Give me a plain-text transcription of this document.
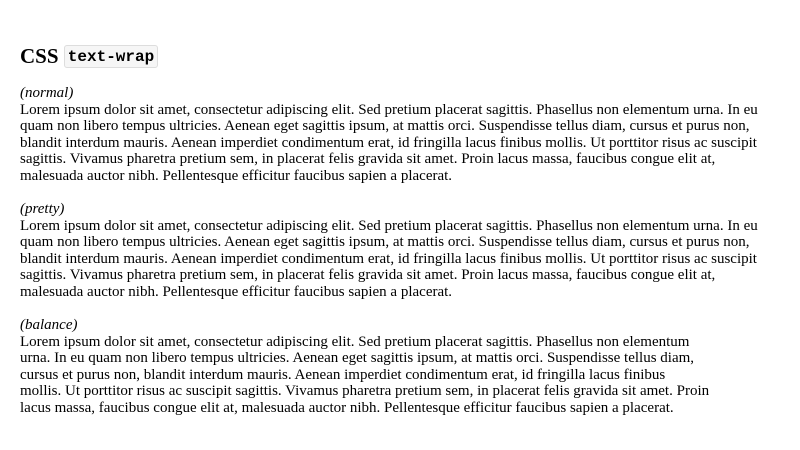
CSS text-wrap
(normal)
Lorem ipsum dolor sit amet, consectetur adipiscing elit. Sed pretium placerat sagittis. Phasellus non elementum urna. In eu
quam non libero tempus ultricies. Aenean eget sagittis ipsum, at mattis orci. Suspendisse tellus diam, cursus et purus non,
blandit interdum mauris. Aenean imperdiet condimentum erat, id fringilla lacus finibus mollis. Ut porttitor risus ac suscipit
sagittis. Vivamus pharetra pretium sem, in placerat felis gravida sit amet. Proin lacus massa, faucibus congue elit at,
malesuada auctor nibh. Pellentesque efficitur faucibus sapien a placerat.
(pretty)
Lorem ipsum dolor sit amet, consectetur adipiscing elit. Sed pretium placerat sagittis. Phasellus non elementum urna. In eu
quam non libero tempus ultricies. Aenean eget sagittis ipsum, at mattis orci. Suspendisse tellus diam, cursus et purus non,
blandit interdum mauris. Aenean imperdiet condimentum erat, id fringilla lacus finibus mollis. Ut porttitor risus ac suscipit
sagittis. Vivamus pharetra pretium sem, in placerat felis gravida sit amet. Proin lacus massa, faucibus congue elit at,
malesuada auctor nibh. Pellentesque efficitur faucibus sapien a placerat.
(balance)
Lorem ipsum dolor sit amet, consectetur adipiscing elit. Sed pretium placerat sagittis. Phasellus non elementum
urna. In eu quam non libero tempus ultricies. Aenean eget sagittis ipsum, at mattis orci. Suspendisse tellus diam,
cursus et purus non, blandit interdum mauris. Aenean imperdiet condimentum erat, id fringilla lacus finibus
mollis. Ut porttitor risus ac suscipit sagittis. Vivamus pharetra pretium sem, in placerat felis gravida sit amet. Proin
lacus massa, faucibus congue elit at, malesuada auctor nibh. Pellentesque efficitur faucibus sapien a placerat.
